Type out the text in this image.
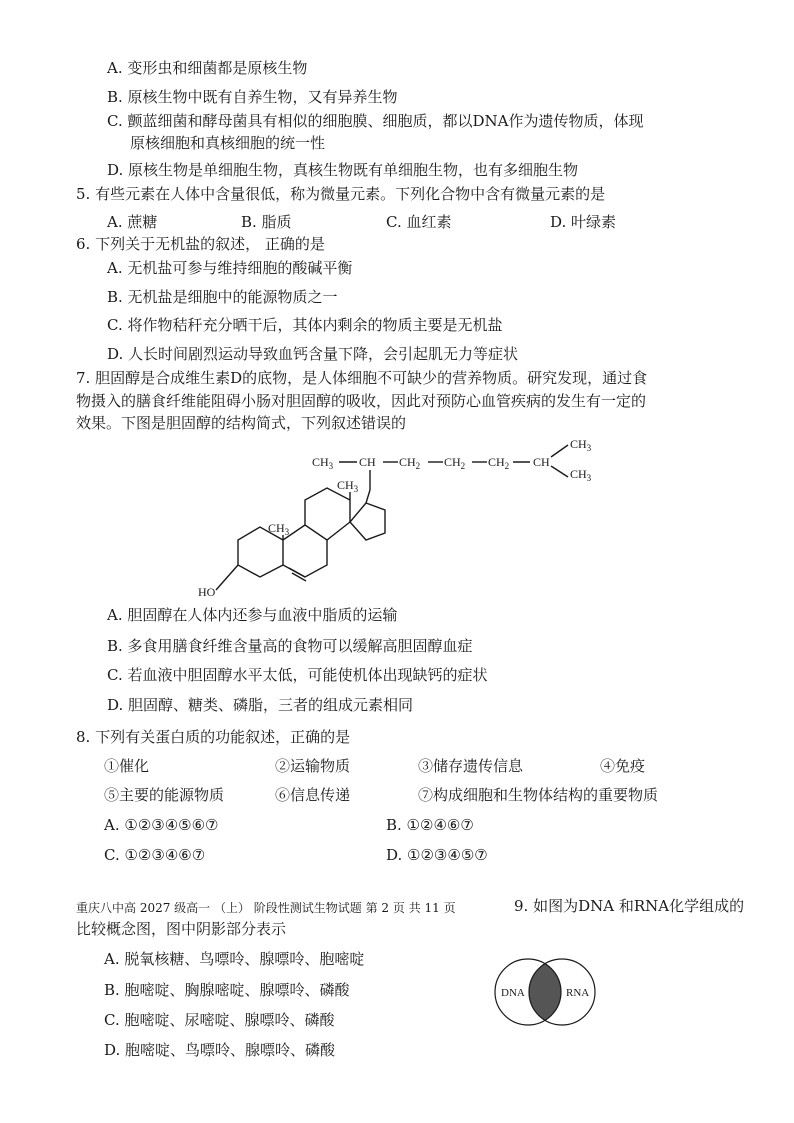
A. 变形虫和细菌都是原核生物
B. 原核生物中既有自养生物，又有异养生物
C. 颤蓝细菌和酵母菌具有相似的细胞膜、细胞质，都以DNA作为遗传物质，体现
原核细胞和真核细胞的统一性
D. 原核生物是单细胞生物，真核生物既有单细胞生物，也有多细胞生物
5. 有些元素在人体中含量很低，称为微量元素。下列化合物中含有微量元素的是
A. 蔗糖	B. 脂质	C. 血红素	D. 叶绿素
6. 下列关于无机盐的叙述， 正确的是
A. 无机盐可参与维持细胞的酸碱平衡
B. 无机盐是细胞中的能源物质之一
C. 将作物秸秆充分晒干后，其体内剩余的物质主要是无机盐
D. 人长时间剧烈运动导致血钙含量下降，会引起肌无力等症状
7. 胆固醇是合成维生素D的底物，是人体细胞不可缺少的营养物质。研究发现，通过食
物摄入的膳食纤维能阻碍小肠对胆固醇的吸收，因此对预防心血管疾病的发生有一定的
效果。下图是胆固醇的结构简式，下列叙述错误的
$CH_3$ CH $CH_2$ $CH_2$ $CH_2$ CH
$CH_3$
$CH_3$
$CH_3$
$CH_3$
HO
A. 胆固醇在人体内还参与血液中脂质的运输
B. 多食用膳食纤维含量高的食物可以缓解高胆固醇血症
C. 若血液中胆固醇水平太低，可能使机体出现缺钙的症状
D. 胆固醇、糖类、磷脂，三者的组成元素相同
8. 下列有关蛋白质的功能叙述，正确的是
①催化	②运输物质	③储存遗传信息	④免疫
⑤主要的能源物质	⑥信息传递	⑦构成细胞和生物体结构的重要物质
A. ①②③④⑤⑥⑦	B. ①②④⑥⑦
C. ①②③④⑥⑦	D. ①②③④⑤⑦
重庆八中高 2027 级高一 （上） 阶段性测试生物试题 第 2 页 共 11 页	9. 如图为DNA 和RNA化学组成的
比较概念图，图中阴影部分表示
A. 脱氧核糖、鸟嘌呤、腺嘌呤、胞嘧啶
B. 胞嘧啶、胸腺嘧啶、腺嘌呤、磷酸
C. 胞嘧啶、尿嘧啶、腺嘌呤、磷酸
D. 胞嘧啶、鸟嘌呤、腺嘌呤、磷酸
DNA	RNA
